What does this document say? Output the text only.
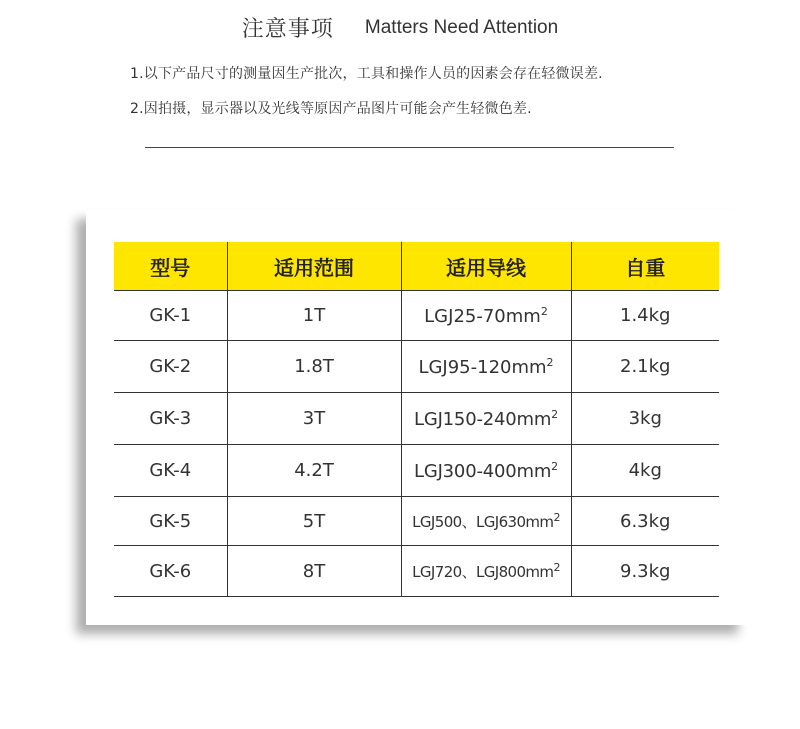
注意事项 Matters Need Attention
1.以下产品尺寸的测量因生产批次，工具和操作人员的因素会存在轻微误差.
2.因拍摄，显示器以及光线等原因产品图片可能会产生轻微色差.
型号	适用范围	适用导线	自重
GK-1	1T	$LGJ25-70mm^2$	1.4kg
GK-2	1.8T	$LGJ95-120mm^2$	2.1kg
GK-3	3T	$LGJ150-240mm^2$	3kg
GK-4	4.2T	$LGJ300-400mm^2$	4kg
GK-5	5T	LGJ500、$LGJ630mm^2$	6.3kg
GK-6	8T	LGJ720、$LGJ800mm^2$	9.3kg
